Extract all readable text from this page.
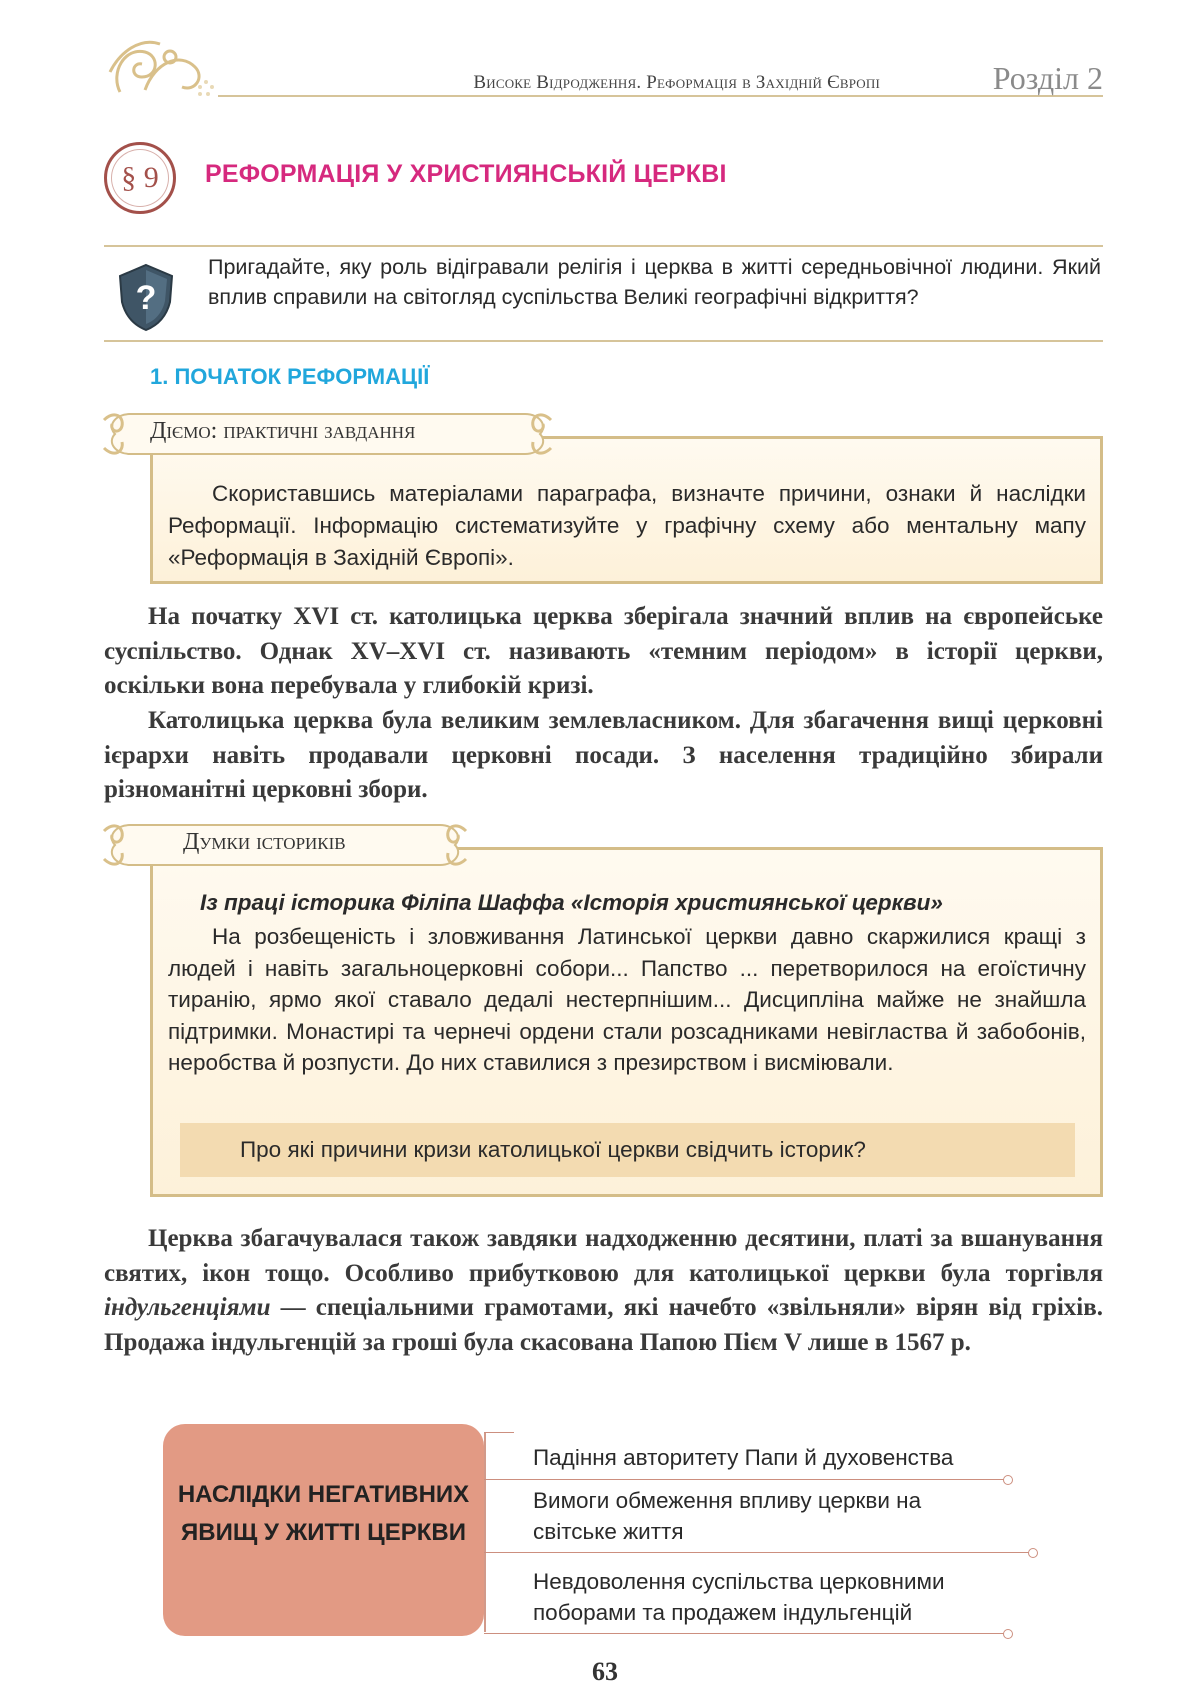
Високе Відродження. Реформація в Західній Європі	Розділ 2
§ 9 РЕФОРМАЦІЯ У ХРИСТИЯНСЬКІЙ ЦЕРКВІ
?
Пригадайте, яку роль відігравали релігія і церква в житті середньовічної людини. Який вплив справили на світогляд суспільства Великі географічні відкриття?
1. ПОЧАТОК РЕФОРМАЦІЇ
Діємо: практичні завдання
Скориставшись матеріалами параграфа, визначте причини, ознаки й наслідки Реформації. Інформацію систематизуйте у графічну схему або ментальну мапу «Реформація в Західній Європі».
На початку XVI ст. католицька церква зберігала значний вплив на європейське суспільство. Однак XV–XVI ст. називають «темним періодом» в історії церкви, оскільки вона перебувала у глибокій кризі.
Католицька церква була великим землевласником. Для збагачення вищі церковні ієрархи навіть продавали церковні посади. З населення традиційно збирали різноманітні церковні збори.
Думки істориків
Із праці історика Філіпа Шаффа «Історія християнської церкви»
На розбещеність і зловживання Латинської церкви давно скаржилися кращі з людей і навіть загальноцерковні собори... Папство ... перетворилося на егоїстичну тиранію, ярмо якої ставало дедалі нестерпнішим... Дисципліна майже не знайшла підтримки. Монастирі та чернечі ордени стали розсадниками невігластва й забобонів, неробства й розпусти. До них ставилися з презирством і висміювали.
Про які причини кризи католицької церкви свідчить історик?
Церква збагачувалася також завдяки надходженню десятини, платі за вшанування святих, ікон тощо. Особливо прибутковою для католицької церкви була торгівля індульгенціями — спеціальними грамотами, які начебто «звільняли» вірян від гріхів. Продажа індульгенцій за гроші була скасована Папою Пієм V лише в 1567 р.
НАСЛІДКИ НЕГАТИВНИХ ЯВИЩ У ЖИТТІ ЦЕРКВИ
Падіння авторитету Папи й духовенства
Вимоги обмеження впливу церкви на світське життя
Невдоволення суспільства церковними поборами та продажем індульгенцій
63
